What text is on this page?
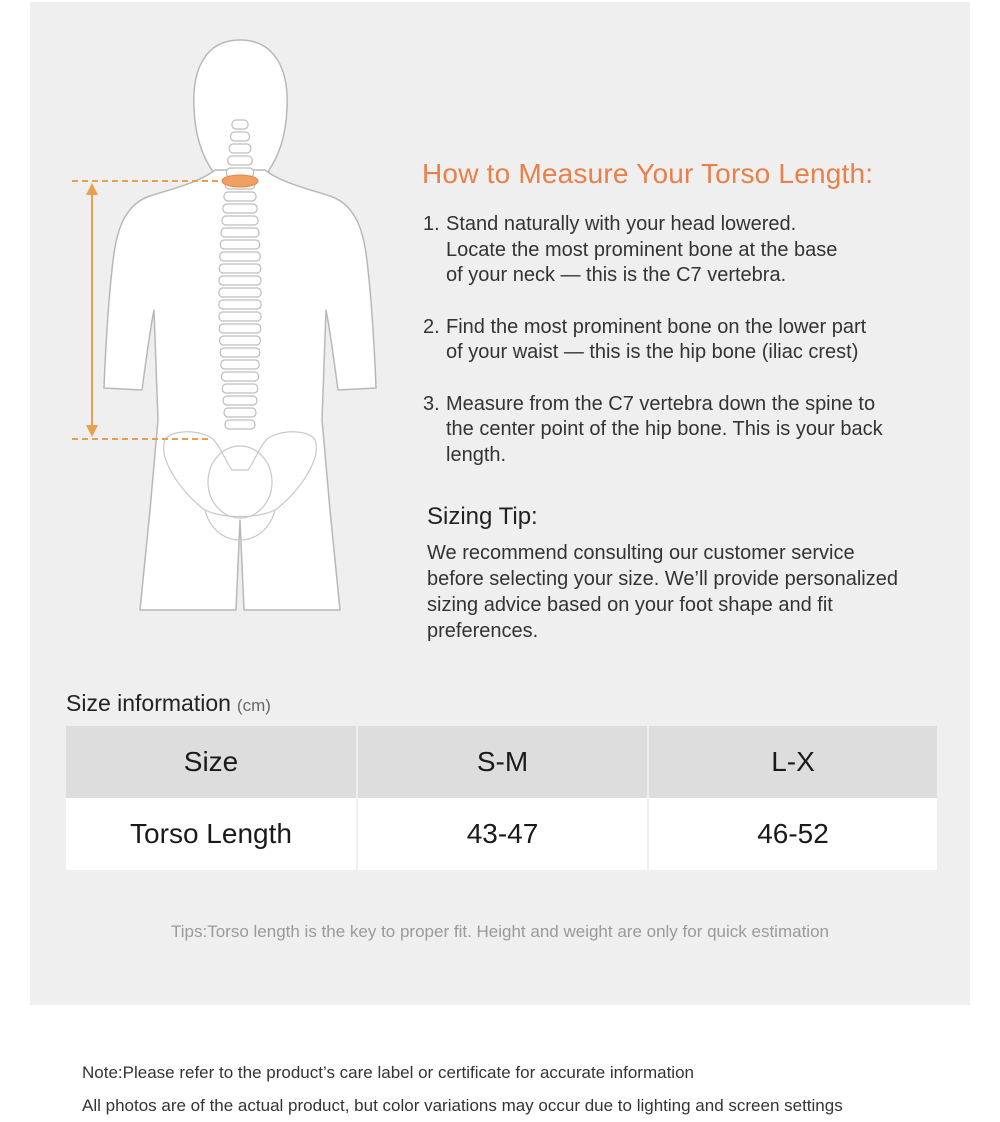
How to Measure Your Torso Length:
1. Stand naturally with your head lowered.
Locate the most prominent bone at the base
of your neck — this is the C7 vertebra.
2. Find the most prominent bone on the lower part
of your waist — this is the hip bone (iliac crest)
3. Measure from the C7 vertebra down the spine to
the center point of the hip bone. This is your back
length.
Sizing Tip:
We recommend consulting our customer service
before selecting your size. We’ll provide personalized
sizing advice based on your foot shape and fit
preferences.
Size information (cm)
Size	S-M	L-X
Torso Length	43-47	46-52
Tips:Torso length is the key to proper fit. Height and weight are only for quick estimation
Note:Please refer to the product’s care label or certificate for accurate information
All photos are of the actual product, but color variations may occur due to lighting and screen settings
